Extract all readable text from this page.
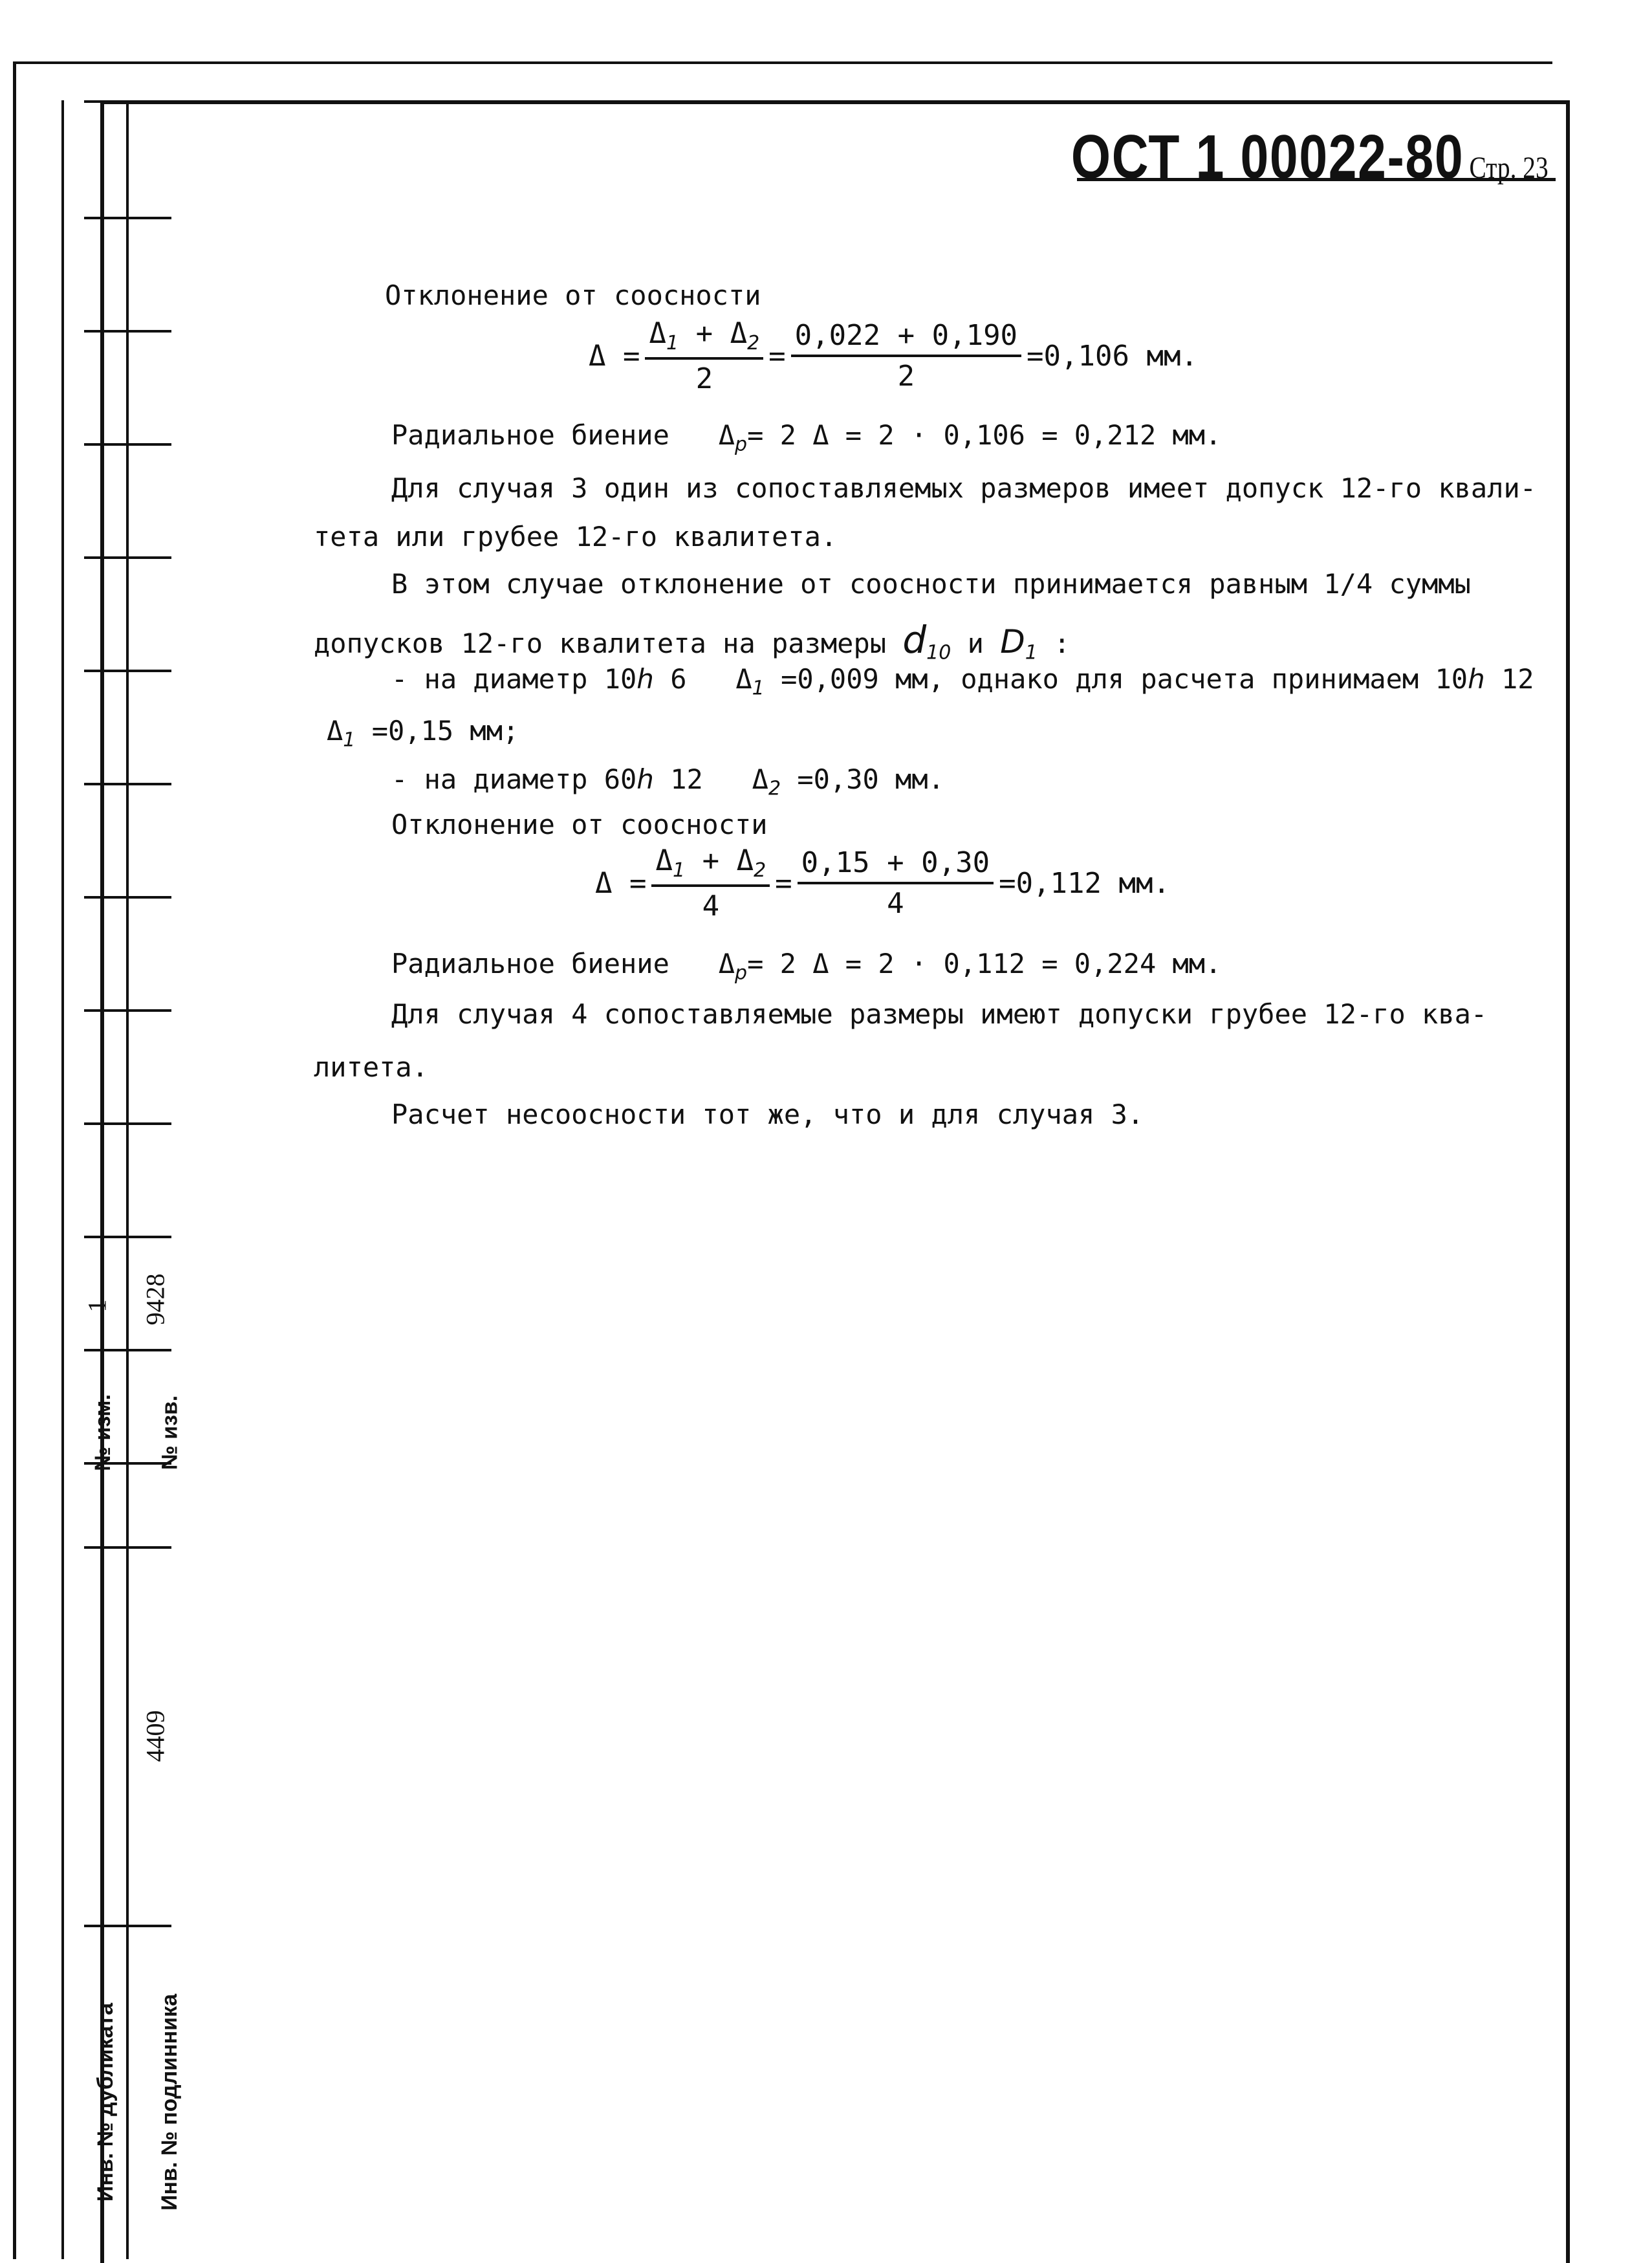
№ изм.
1
№ изв.
9428
4409
Инв. № дубликата Инв. № подлинника
ОСТ 1 00022-80 Стр. 23
Отклонение от соосности
$\Delta = \frac{\Delta_1 + \Delta_2}{2} = \frac{0,022 + 0,190}{2} =0,106$ мм.
Радиальное биение $\Delta_р= 2$ Δ = 2 · 0,106 = 0,212 мм.
Для случая 3 один из сопоставляемых размеров имеет допуск 12-го квали-
тета или грубее 12-го квалитета.
В этом случае отклонение от соосности принимается равным 1/4 суммы
допусков 12-го квалитета на размеры $d_{10}$ и $D_1$ :
- на диаметр 10h 6 $\Delta_1 =0,009$ мм, однако для расчета принимаем 10h 12
$\Delta_1 =0,15$ мм;
- на диаметр 60h 12 $\Delta_2 =0,30$ мм.
Отклонение от соосности
$\Delta = \frac{\Delta_1 + \Delta_2}{4} = \frac{0,15 + 0,30}{4} =0,112$ мм.
Радиальное биение $\Delta_р= 2$ Δ = 2 · 0,112 = 0,224 мм.
Для случая 4 сопоставляемые размеры имеют допуски грубее 12-го ква-
литета.
Расчет несоосности тот же, что и для случая 3.
